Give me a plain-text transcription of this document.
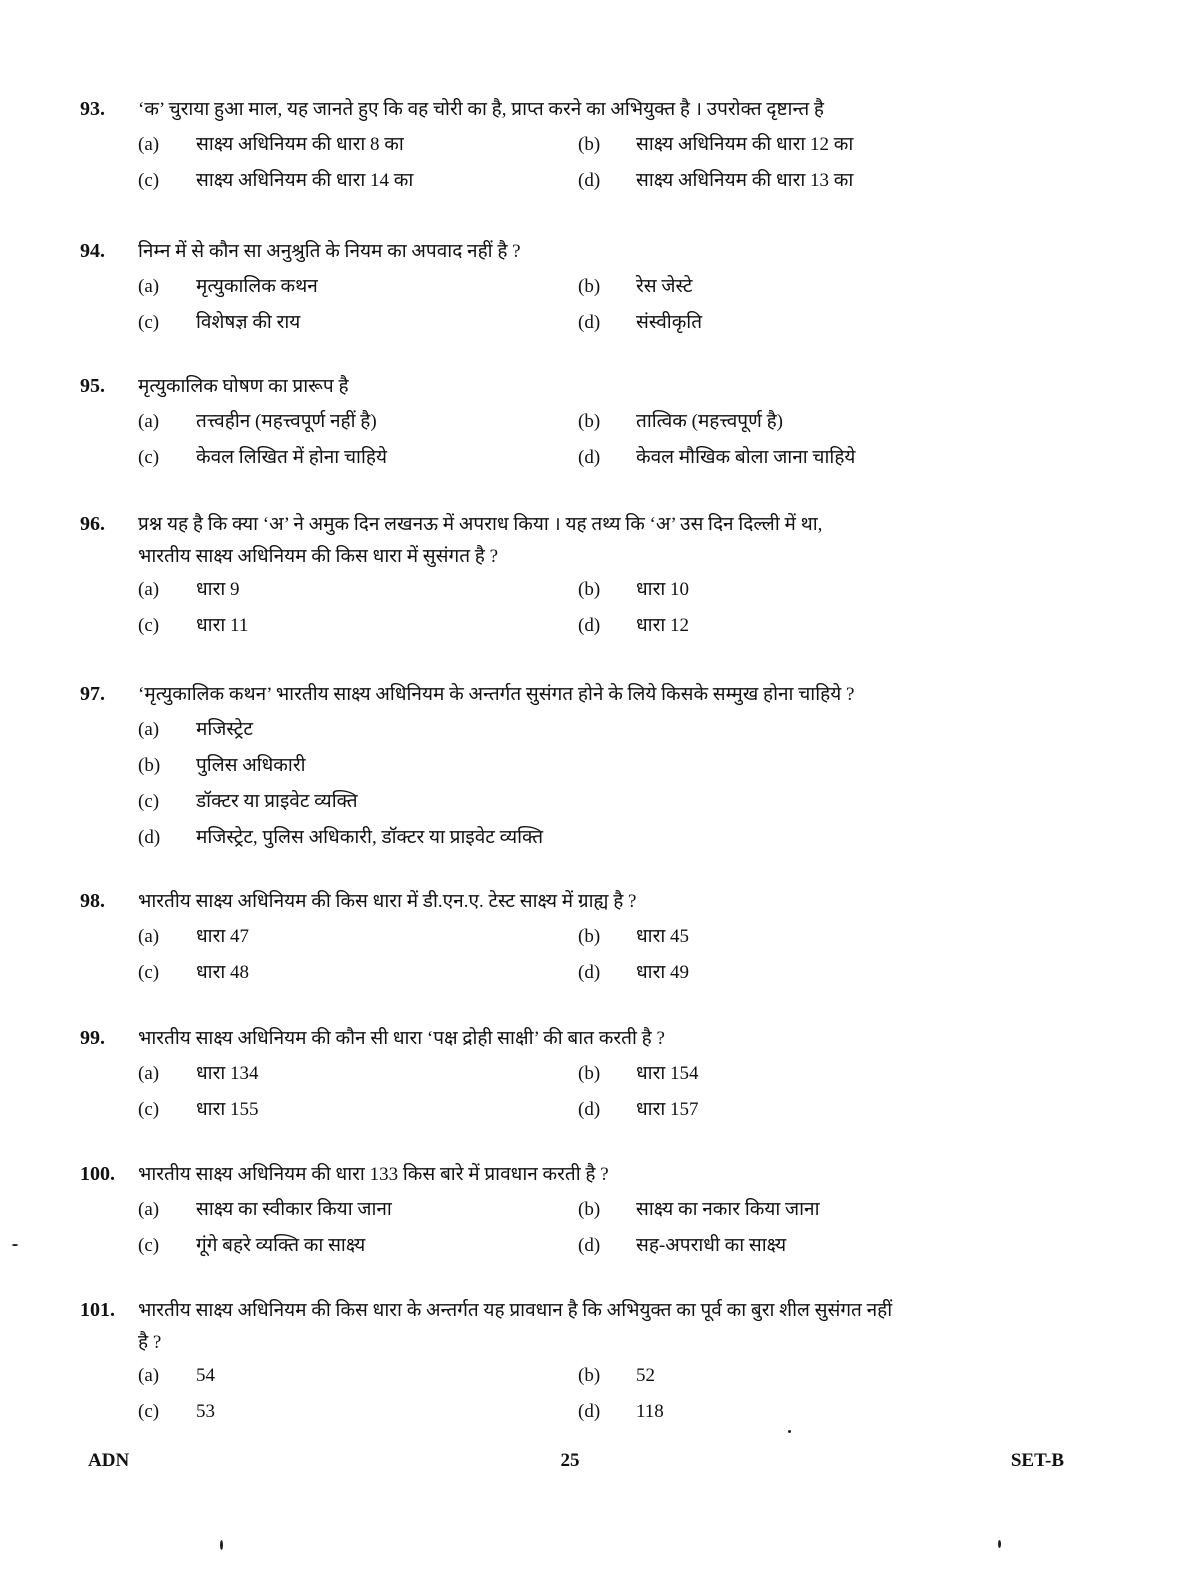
93.	‘क’ चुराया हुआ माल, यह जानते हुए कि वह चोरी का है, प्राप्त करने का अभियुक्त है । उपरोक्त दृष्टान्त है
(a)	साक्ष्य अधिनियम की धारा 8 का	(b)	साक्ष्य अधिनियम की धारा 12 का
(c)	साक्ष्य अधिनियम की धारा 14 का	(d)	साक्ष्य अधिनियम की धारा 13 का
94.	निम्न में से कौन सा अनुश्रुति के नियम का अपवाद नहीं है ?
(a)	मृत्युकालिक कथन	(b)	रेस जेस्टे
(c)	विशेषज्ञ की राय	(d)	संस्वीकृति
95.	मृत्युकालिक घोषण का प्रारूप है
(a)	तत्त्वहीन (महत्त्वपूर्ण नहीं है)	(b)	तात्विक (महत्त्वपूर्ण है)
(c)	केवल लिखित में होना चाहिये	(d)	केवल मौखिक बोला जाना चाहिये
96.	प्रश्न यह है कि क्या ‘अ’ ने अमुक दिन लखनऊ में अपराध किया । यह तथ्य कि ‘अ’ उस दिन दिल्ली में था,
भारतीय साक्ष्य अधिनियम की किस धारा में सुसंगत है ?
(a)	धारा 9	(b)	धारा 10
(c)	धारा 11	(d)	धारा 12
97.	‘मृत्युकालिक कथन’ भारतीय साक्ष्य अधिनियम के अन्तर्गत सुसंगत होने के लिये किसके सम्मुख होना चाहिये ?
(a)	मजिस्ट्रेट
(b)	पुलिस अधिकारी
(c)	डॉक्टर या प्राइवेट व्यक्ति
(d)	मजिस्ट्रेट, पुलिस अधिकारी, डॉक्टर या प्राइवेट व्यक्ति
98.	भारतीय साक्ष्य अधिनियम की किस धारा में डी.एन.ए. टेस्ट साक्ष्य में ग्राह्य है ?
(a)	धारा 47	(b)	धारा 45
(c)	धारा 48	(d)	धारा 49
99.	भारतीय साक्ष्य अधिनियम की कौन सी धारा ‘पक्ष द्रोही साक्षी’ की बात करती है ?
(a)	धारा 134	(b)	धारा 154
(c)	धारा 155	(d)	धारा 157
100.	भारतीय साक्ष्य अधिनियम की धारा 133 किस बारे में प्रावधान करती है ?
(a)	साक्ष्य का स्वीकार किया जाना	(b)	साक्ष्य का नकार किया जाना
(c)	गूंगे बहरे व्यक्ति का साक्ष्य	(d)	सह-अपराधी का साक्ष्य
101.	भारतीय साक्ष्य अधिनियम की किस धारा के अन्तर्गत यह प्रावधान है कि अभियुक्त का पूर्व का बुरा शील सुसंगत नहीं
है ?
(a)	54	(b)	52
(c)	53	(d)	118
ADN	25	SET-B
